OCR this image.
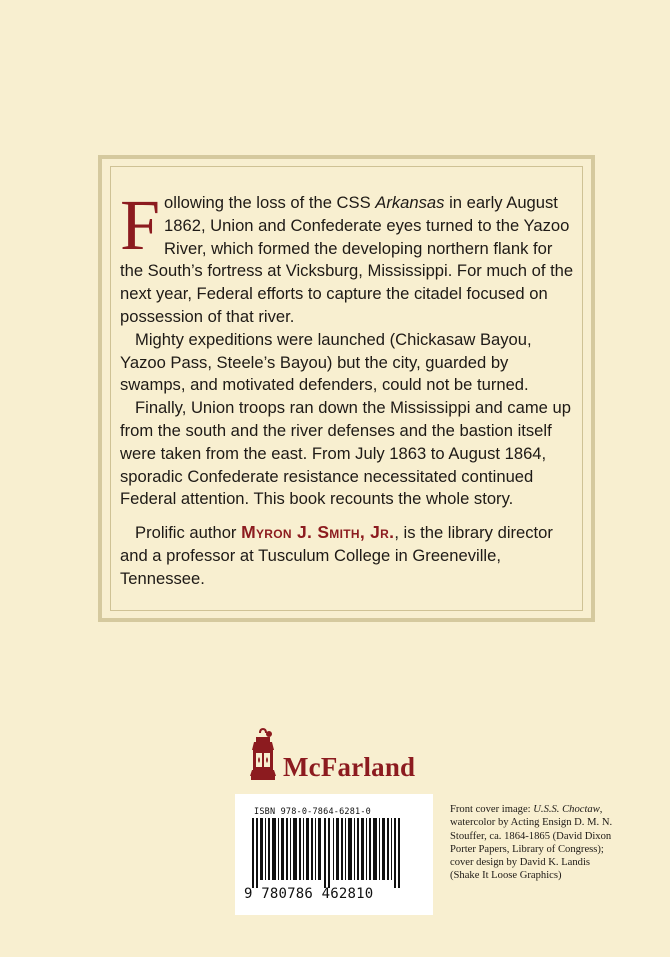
Following the loss of the CSS Arkansas in early August 1862, Union and Confederate eyes turned to the Yazoo River, which formed the developing northern flank for the South’s fortress at Vicksburg, Mississippi. For much of the next year, Federal efforts to capture the citadel focused on possession of that river.

Mighty expeditions were launched (Chickasaw Bayou, Yazoo Pass, Steele’s Bayou) but the city, guarded by swamps, and motivated defenders, could not be turned.

Finally, Union troops ran down the Mississippi and came up from the south and the river defenses and the bastion itself were taken from the east. From July 1863 to August 1864, sporadic Confederate resistance necessitated continued Federal attention. This book recounts the whole story.

Prolific author Myron J. Smith, Jr., is the library director and a professor at Tusculum College in Greeneville, Tennessee.

McFarland
ISBN 978-0-7864-6281-0
9 780786 462810
Front cover image: U.S.S. Choctaw, watercolor by Acting Ensign D. M. N. Stouffer, ca. 1864-1865 (David Dixon Porter Papers, Library of Congress); cover design by David K. Landis (Shake It Loose Graphics)
